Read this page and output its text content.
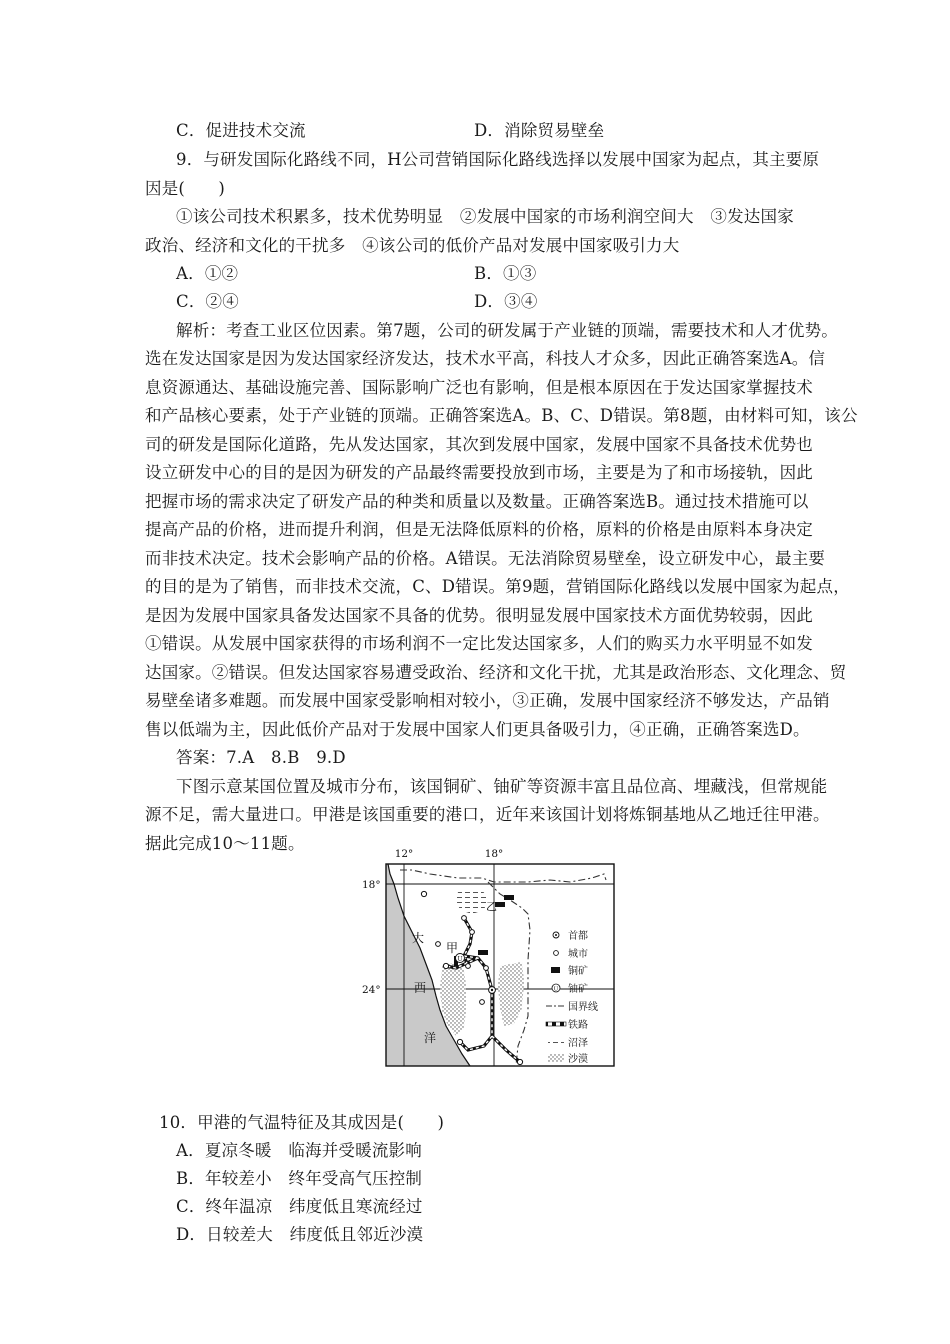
C．促进技术交流	D．消除贸易壁垒
9．与研发国际化路线不同，H公司营销国际化路线选择以发展中国家为起点，其主要原
因是(　　)
①该公司技术积累多，技术优势明显　②发展中国家的市场利润空间大　③发达国家
政治、经济和文化的干扰多　④该公司的低价产品对发展中国家吸引力大
A．①②	B．①③
C．②④	D．③④
解析：考查工业区位因素。第7题，公司的研发属于产业链的顶端，需要技术和人才优势。
选在发达国家是因为发达国家经济发达，技术水平高，科技人才众多，因此正确答案选A。信
息资源通达、基础设施完善、国际影响广泛也有影响，但是根本原因在于发达国家掌握技术
和产品核心要素，处于产业链的顶端。正确答案选A。B、C、D错误。第8题，由材料可知，该公
司的研发是国际化道路，先从发达国家，其次到发展中国家，发展中国家不具备技术优势也
设立研发中心的目的是因为研发的产品最终需要投放到市场，主要是为了和市场接轨，因此
把握市场的需求决定了研发产品的种类和质量以及数量。正确答案选B。通过技术措施可以
提高产品的价格，进而提升利润，但是无法降低原料的价格，原料的价格是由原料本身决定
而非技术决定。技术会影响产品的价格。A错误。无法消除贸易壁垒，设立研发中心，最主要
的目的是为了销售，而非技术交流，C、D错误。第9题，营销国际化路线以发展中国家为起点，
是因为发展中国家具备发达国家不具备的优势。很明显发展中国家技术方面优势较弱，因此
①错误。从发展中国家获得的市场利润不一定比发达国家多，人们的购买力水平明显不如发
达国家。②错误。但发达国家容易遭受政治、经济和文化干扰，尤其是政治形态、文化理念、贸
易壁垒诸多难题。而发展中国家受影响相对较小，③正确，发展中国家经济不够发达，产品销
售以低端为主，因此低价产品对于发展中国家人们更具备吸引力，④正确，正确答案选D。
答案：7.A　8.B　9.D
下图示意某国位置及城市分布，该国铜矿、铀矿等资源丰富且品位高、埋藏浅，但常规能
源不足，需大量进口。甲港是该国重要的港口，近年来该国计划将炼铜基地从乙地迁往甲港。
据此完成10～11题。
U
12°	18°
18°
24°
大
西
洋
甲
乙
首都
城市
铜矿
U 铀矿
国界线
铁路
沼泽
沙漠
10．甲港的气温特征及其成因是(　　)
A．夏凉冬暖　临海并受暖流影响
B．年较差小　终年受高气压控制
C．终年温凉　纬度低且寒流经过
D．日较差大　纬度低且邻近沙漠
